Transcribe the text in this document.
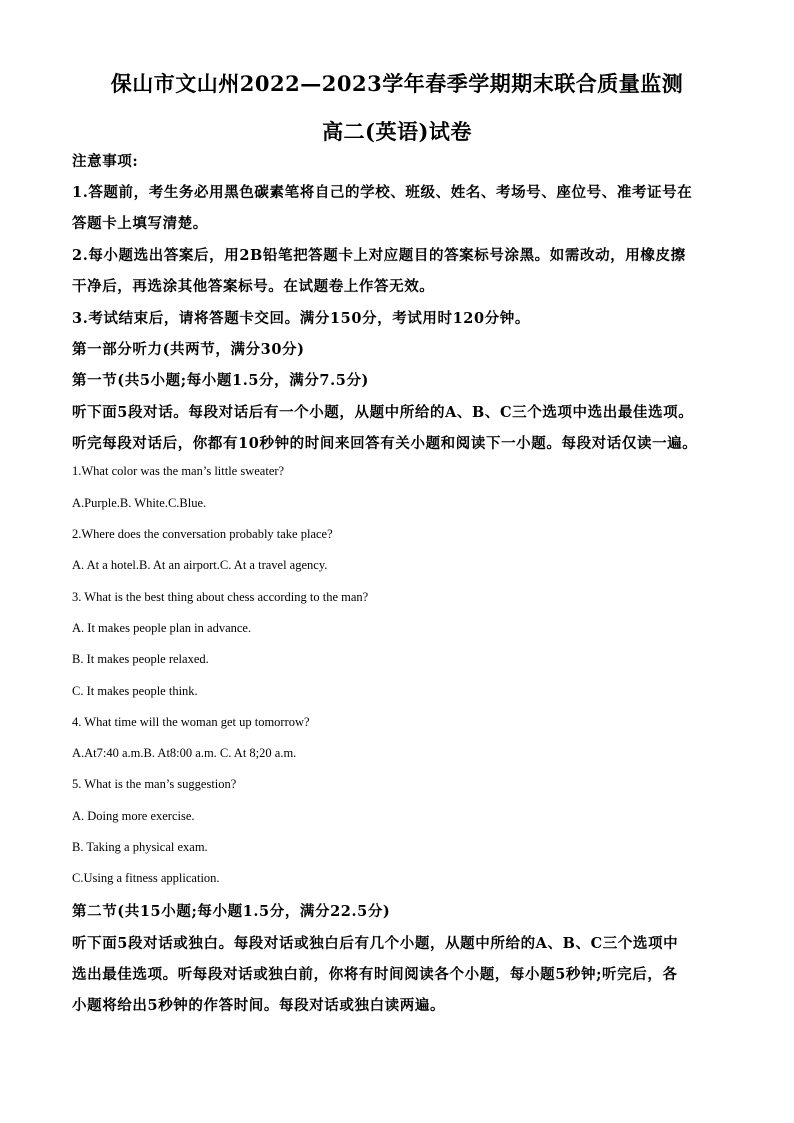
保山市文山州2022—2023学年春季学期期末联合质量监测
高二(英语)试卷
注意事项:
1.答题前，考生务必用黑色碳素笔将自己的学校、班级、姓名、考场号、座位号、准考证号在
答题卡上填写清楚。
2.每小题选出答案后，用2B铅笔把答题卡上对应题目的答案标号涂黑。如需改动，用橡皮擦
干净后，再选涂其他答案标号。在试题卷上作答无效。
3.考试结束后，请将答题卡交回。满分150分，考试用时120分钟。
第一部分听力(共两节，满分30分)
第一节(共5小题;每小题1.5分，满分7.5分)
听下面5段对话。每段对话后有一个小题，从题中所给的A、B、C三个选项中选出最佳选项。
听完每段对话后，你都有10秒钟的时间来回答有关小题和阅读下一小题。每段对话仅读一遍。
1.What color was the man’s little sweater?
A.Purple.B. White.C.Blue.
2.Where does the conversation probably take place?
A. At a hotel.B. At an airport.C. At a travel agency.
3. What is the best thing about chess according to the man?
A. It makes people plan in advance.
B. It makes people relaxed.
C. It makes people think.
4. What time will the woman get up tomorrow?
A.At7:40 a.m.B. At8:00 a.m. C. At 8;20 a.m.
5. What is the man’s suggestion?
A. Doing more exercise.
B. Taking a physical exam.
C.Using a fitness application.
第二节(共15小题;每小题1.5分，满分22.5分)
听下面5段对话或独白。每段对话或独白后有几个小题，从题中所给的A、B、C三个选项中
选出最佳选项。听每段对话或独白前，你将有时间阅读各个小题，每小题5秒钟;听完后，各
小题将给出5秒钟的作答时间。每段对话或独白读两遍。
